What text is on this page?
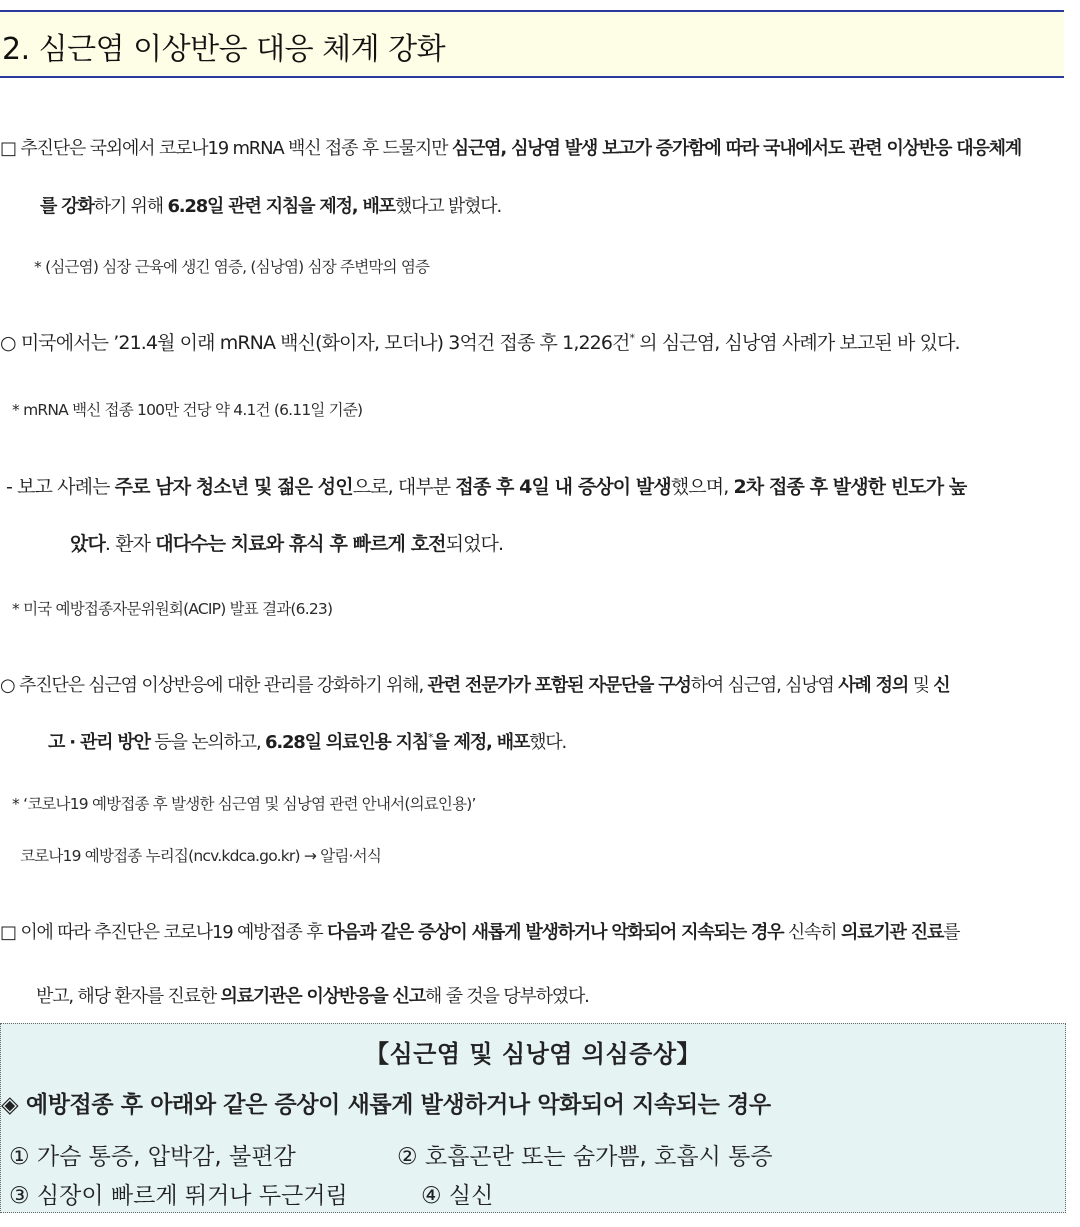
2. 심근염 이상반응 대응 체계 강화
□ 추진단은 국외에서 코로나19 mRNA 백신 접종 후 드물지만 심근염, 심낭염 발생 보고가 증가함에 따라 국내에서도 관련 이상반응 대응체계
를 강화하기 위해 6.28일 관련 지침을 제정, 배포했다고 밝혔다.
* (심근염) 심장 근육에 생긴 염증, (심낭염) 심장 주변막의 염증
○ 미국에서는 ’21.4월 이래 mRNA 백신(화이자, 모더나) 3억건 접종 후 1,226건* 의 심근염, 심낭염 사례가 보고된 바 있다.
* mRNA 백신 접종 100만 건당 약 4.1건 (6.11일 기준)
- 보고 사례는 주로 남자 청소년 및 젊은 성인으로, 대부분 접종 후 4일 내 증상이 발생했으며, 2차 접종 후 발생한 빈도가 높
았다. 환자 대다수는 치료와 휴식 후 빠르게 호전되었다.
* 미국 예방접종자문위원회(ACIP) 발표 결과(6.23)
○ 추진단은 심근염 이상반응에 대한 관리를 강화하기 위해, 관련 전문가가 포함된 자문단을 구성하여 심근염, 심낭염 사례 정의 및 신
고 · 관리 방안 등을 논의하고, 6.28일 의료인용 지침*을 제정, 배포했다.
* ‘코로나19 예방접종 후 발생한 심근염 및 심낭염 관련 안내서(의료인용)’
코로나19 예방접종 누리집(ncv.kdca.go.kr) → 알림·서식
□ 이에 따라 추진단은 코로나19 예방접종 후 다음과 같은 증상이 새롭게 발생하거나 악화되어 지속되는 경우 신속히 의료기관 진료를
받고, 해당 환자를 진료한 의료기관은 이상반응을 신고해 줄 것을 당부하였다.
【심근염 및 심낭염 의심증상】
◈ 예방접종 후 아래와 같은 증상이 새롭게 발생하거나 악화되어 지속되는 경우
① 가슴 통증, 압박감, 불편감	② 호흡곤란 또는 숨가쁨, 호흡시 통증
③ 심장이 빠르게 뛰거나 두근거림	④ 실신
